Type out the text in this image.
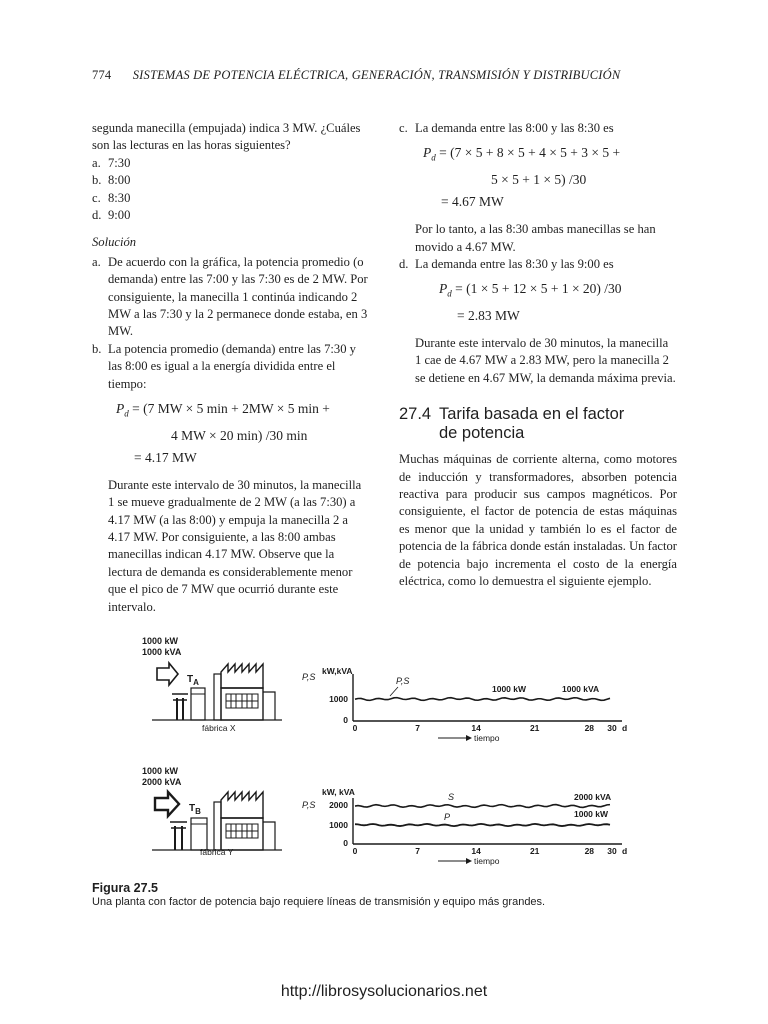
774 SISTEMAS DE POTENCIA ELÉCTRICA, GENERACIÓN, TRANSMISIÓN Y DISTRIBUCIÓN

segunda manecilla (empujada) indica 3 MW. ¿Cuáles son las lecturas en las horas siguientes?

a. 7:30

b. 8:00

c. 8:30

d. 9:00

Solución

a. De acuerdo con la gráfica, la potencia promedio (o demanda) entre las 7:00 y las 7:30 es de 2 MW. Por consiguiente, la manecilla 1 continúa indicando 2 MW a las 7:30 y la 2 permanece donde estaba, en 3 MW.

b. La potencia promedio (demanda) entre las 7:30 y las 8:00 es igual a la energía dividida entre el tiempo:

$P_d = (7$ MW × 5 min + 2MW × 5 min +
4 MW × 20 min) /30 min
= 4.17 MW

Durante este intervalo de 30 minutos, la manecilla 1 se mueve gradualmente de 2 MW (a las 7:30) a 4.17 MW (a las 8:00) y empuja la manecilla 2 a 4.17 MW. Por consiguiente, a las 8:00 ambas manecillas indican 4.17 MW. Observe que la lectura de demanda es considerablemente menor que el pico de 7 MW que ocurrió durante este intervalo.

c. La demanda entre las 8:00 y las 8:30 es

$P_d = (7 \times 5 + 8 \times 5 + 4 \times 5 + 3 \times 5$ +
5 × 5 + 1 × 5) /30
= 4.67 MW

Por lo tanto, a las 8:30 ambas manecillas se han movido a 4.67 MW.

d. La demanda entre las 8:30 y las 9:00 es

$P_d = (1 \times 5 + 12 \times 5 + 1 \times 20)$ /30
= 2.83 MW

Durante este intervalo de 30 minutos, la manecilla 1 cae de 4.67 MW a 2.83 MW, pero la manecilla 2 se detiene en 4.67 MW, la demanda máxima previa.

27.4 Tarifa basada en el factor
de potencia

Muchas máquinas de corriente alterna, como motores de inducción y transformadores, absorben potencia reactiva para producir sus campos magnéticos. Por consiguiente, el factor de potencia de estas máquinas es menor que la unidad y también lo es el factor de potencia de la fábrica donde están instaladas. Un factor de potencia bajo incrementa el costo de la energía eléctrica, como lo demuestra el siguiente ejemplo.

1000 kW
1000 kVA
$T_A$
fábrica X
P,S
kW,kVA
1000
0
P,S
1000 kW	1000 kVA
0	7	14	21	28 30 d
tiempo
1000 kW
2000 kVA
$T_B$
fábrica Y
P,S
kW, kVA
2000
1000
0
S
P
2000 kVA
1000 kW
0	7	14	21	28 30 d
tiempo
Figura 27.5
Una planta con factor de potencia bajo requiere líneas de transmisión y equipo más grandes.
http://librosysolucionarios.net
